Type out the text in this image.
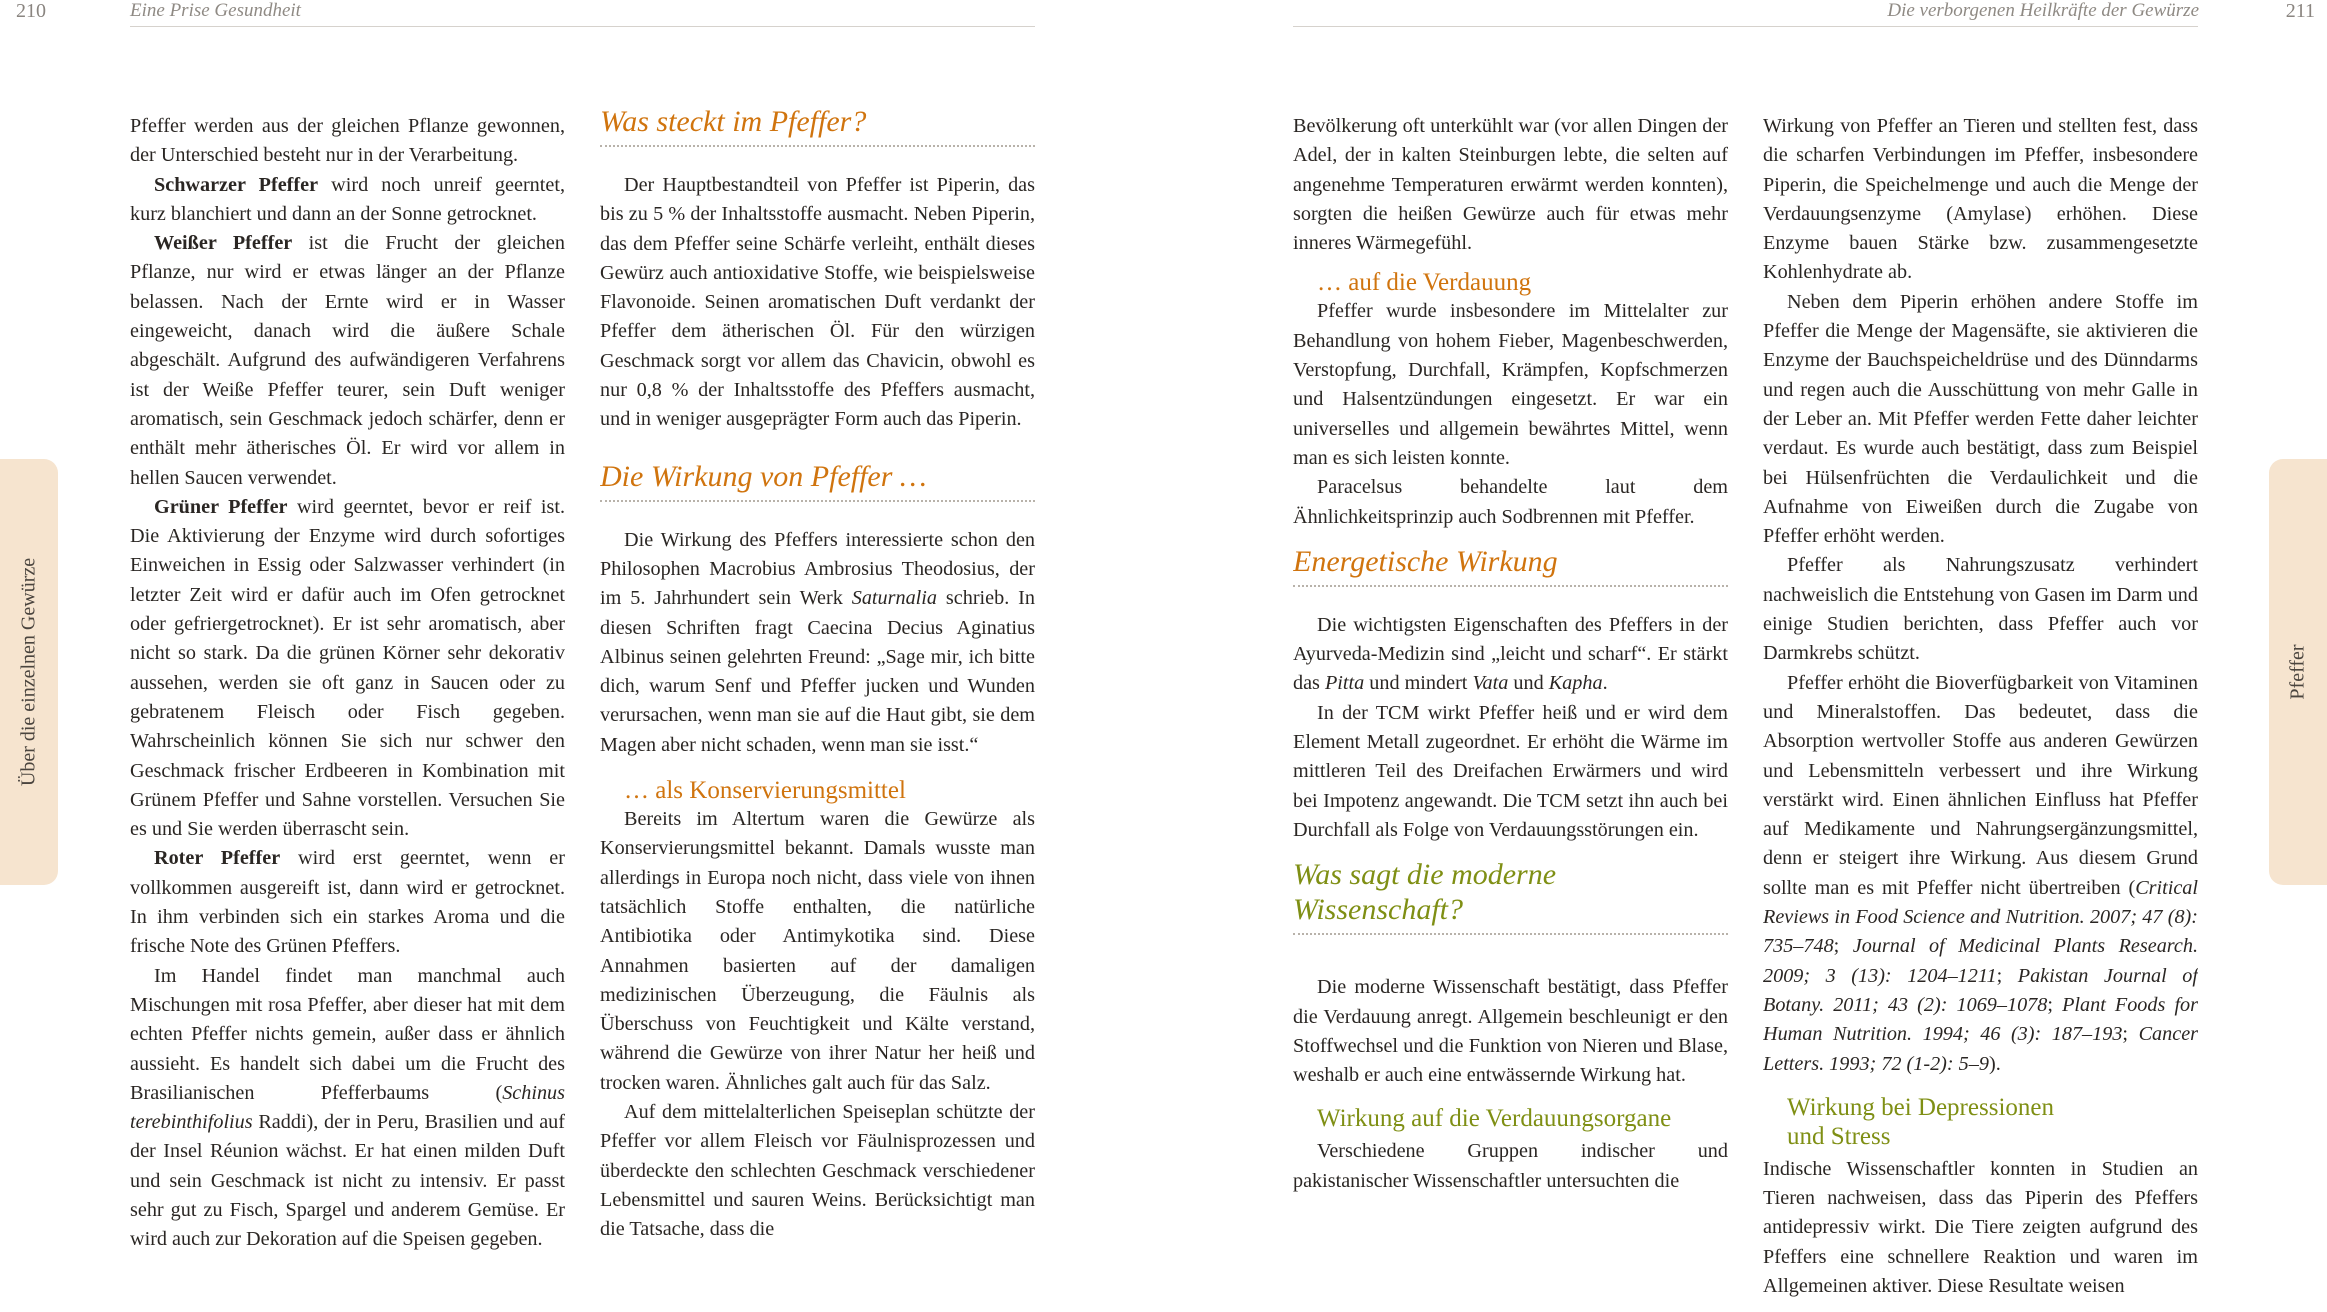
210	Eine Prise Gesundheit	Die verborgenen Heilkräfte der Gewürze	211
Über die einzelnen Gewürze	Pfeffer

Pfeffer werden aus der gleichen Pflanze gewonnen, der Unterschied besteht nur in der Verarbeitung.

Schwarzer Pfeffer wird noch unreif geerntet, kurz blanchiert und dann an der Sonne getrocknet.

Weißer Pfeffer ist die Frucht der gleichen Pflanze, nur wird er etwas länger an der Pflanze belassen. Nach der Ernte wird er in Wasser eingeweicht, danach wird die äußere Schale abgeschält. Aufgrund des aufwändigeren Verfahrens ist der Weiße Pfeffer teurer, sein Duft weniger aromatisch, sein Geschmack jedoch schärfer, denn er enthält mehr ätherisches Öl. Er wird vor allem in hellen Saucen verwendet.

Grüner Pfeffer wird geerntet, bevor er reif ist. Die Aktivierung der Enzyme wird durch sofortiges Einweichen in Essig oder Salzwasser verhindert (in letzter Zeit wird er dafür auch im Ofen getrocknet oder gefriergetrocknet). Er ist sehr aromatisch, aber nicht so stark. Da die grünen Körner sehr dekorativ aussehen, werden sie oft ganz in Saucen oder zu gebratenem Fleisch oder Fisch gegeben. Wahrscheinlich können Sie sich nur schwer den Geschmack frischer Erdbeeren in Kombination mit Grünem Pfeffer und Sahne vorstellen. Versuchen Sie es und Sie werden überrascht sein.

Roter Pfeffer wird erst geerntet, wenn er vollkommen ausgereift ist, dann wird er getrocknet. In ihm verbinden sich ein starkes Aroma und die frische Note des Grünen Pfeffers.

Im Handel findet man manchmal auch Mischungen mit rosa Pfeffer, aber dieser hat mit dem echten Pfeffer nichts gemein, außer dass er ähnlich aussieht. Es handelt sich dabei um die Frucht des Brasilianischen Pfefferbaums (Schinus terebinthifolius Raddi), der in Peru, Brasilien und auf der Insel Réunion wächst. Er hat einen milden Duft und sein Geschmack ist nicht zu intensiv. Er passt sehr gut zu Fisch, Spargel und anderem Gemüse. Er wird auch zur Dekoration auf die Speisen gegeben.

Was steckt im Pfeffer?

Der Hauptbestandteil von Pfeffer ist Piperin, das bis zu 5 % der Inhaltsstoffe ausmacht. Neben Piperin, das dem Pfeffer seine Schärfe verleiht, enthält dieses Gewürz auch antioxidative Stoffe, wie beispielsweise Flavonoide. Seinen aromatischen Duft verdankt der Pfeffer dem ätherischen Öl. Für den würzigen Geschmack sorgt vor allem das Chavicin, obwohl es nur 0,8 % der Inhaltsstoffe des Pfeffers ausmacht, und in weniger ausgeprägter Form auch das Piperin.

Die Wirkung von Pfeffer …

Die Wirkung des Pfeffers interessierte schon den Philosophen Macrobius Ambrosius Theodosius, der im 5. Jahrhundert sein Werk Saturnalia schrieb. In diesen Schriften fragt Caecina Decius Aginatius Albinus seinen gelehrten Freund: „Sage mir, ich bitte dich, warum Senf und Pfeffer jucken und Wunden verursachen, wenn man sie auf die Haut gibt, sie dem Magen aber nicht schaden, wenn man sie isst.“

… als Konservierungsmittel

Bereits im Altertum waren die Gewürze als Konservierungsmittel bekannt. Damals wusste man allerdings in Europa noch nicht, dass viele von ihnen tatsächlich Stoffe enthalten, die natürliche Antibiotika oder Antimykotika sind. Diese Annahmen basierten auf der damaligen medizinischen Überzeugung, die Fäulnis als Überschuss von Feuchtigkeit und Kälte verstand, während die Gewürze von ihrer Natur her heiß und trocken waren. Ähnliches galt auch für das Salz.

Auf dem mittelalterlichen Speiseplan schützte der Pfeffer vor allem Fleisch vor Fäulnisprozessen und überdeckte den schlechten Geschmack verschiedener Lebensmittel und sauren Weins. Berücksichtigt man die Tatsache, dass die

Bevölkerung oft unterkühlt war (vor allen Dingen der Adel, der in kalten Steinburgen lebte, die selten auf angenehme Temperaturen erwärmt werden konnten), sorgten die heißen Gewürze auch für etwas mehr inneres Wärmegefühl.

… auf die Verdauung

Pfeffer wurde insbesondere im Mittelalter zur Behandlung von hohem Fieber, Magenbeschwerden, Verstopfung, Durchfall, Krämpfen, Kopfschmerzen und Halsentzündungen eingesetzt. Er war ein universelles und allgemein bewährtes Mittel, wenn man es sich leisten konnte.

Paracelsus behandelte laut dem Ähnlichkeitsprinzip auch Sodbrennen mit Pfeffer.

Energetische Wirkung

Die wichtigsten Eigenschaften des Pfeffers in der Ayurveda-Medizin sind „leicht und scharf“. Er stärkt das Pitta und mindert Vata und Kapha.

In der TCM wirkt Pfeffer heiß und er wird dem Element Metall zugeordnet. Er erhöht die Wärme im mittleren Teil des Dreifachen Erwärmers und wird bei Impotenz angewandt. Die TCM setzt ihn auch bei Durchfall als Folge von Verdauungsstörungen ein.

Was sagt die moderne
Wissenschaft?

Die moderne Wissenschaft bestätigt, dass Pfeffer die Verdauung anregt. Allgemein beschleunigt er den Stoffwechsel und die Funktion von Nieren und Blase, weshalb er auch eine entwässernde Wirkung hat.

Wirkung auf die Verdauungsorgane

Verschiedene Gruppen indischer und pakistanischer Wissenschaftler untersuchten die

Wirkung von Pfeffer an Tieren und stellten fest, dass die scharfen Verbindungen im Pfeffer, insbesondere Piperin, die Speichelmenge und auch die Menge der Verdauungsenzyme (Amylase) erhöhen. Diese Enzyme bauen Stärke bzw. zusammengesetzte Kohlenhydrate ab.

Neben dem Piperin erhöhen andere Stoffe im Pfeffer die Menge der Magensäfte, sie aktivieren die Enzyme der Bauchspeicheldrüse und des Dünndarms und regen auch die Ausschüttung von mehr Galle in der Leber an. Mit Pfeffer werden Fette daher leichter verdaut. Es wurde auch bestätigt, dass zum Beispiel bei Hülsenfrüchten die Verdaulichkeit und die Aufnahme von Eiweißen durch die Zugabe von Pfeffer erhöht werden.

Pfeffer als Nahrungszusatz verhindert nachweislich die Entstehung von Gasen im Darm und einige Studien berichten, dass Pfeffer auch vor Darmkrebs schützt.

Pfeffer erhöht die Bioverfügbarkeit von Vitaminen und Mineralstoffen. Das bedeutet, dass die Absorption wertvoller Stoffe aus anderen Gewürzen und Lebensmitteln verbessert und ihre Wirkung verstärkt wird. Einen ähnlichen Einfluss hat Pfeffer auf Medikamente und Nahrungsergänzungsmittel, denn er steigert ihre Wirkung. Aus diesem Grund sollte man es mit Pfeffer nicht übertreiben (Critical Reviews in Food Science and Nutrition. 2007; 47 (8): 735–748; Journal of Medicinal Plants Research. 2009; 3 (13): 1204–1211; Pakistan Journal of Botany. 2011; 43 (2): 1069–1078; Plant Foods for Human Nutrition. 1994; 46 (3): 187–193; Cancer Letters. 1993; 72 (1-2): 5–9).

Wirkung bei Depressionen
und Stress

Indische Wissenschaftler konnten in Studien an Tieren nachweisen, dass das Piperin des Pfeffers antidepressiv wirkt. Die Tiere zeigten aufgrund des Pfeffers eine schnellere Reaktion und waren im Allgemeinen aktiver. Diese Resultate weisen
